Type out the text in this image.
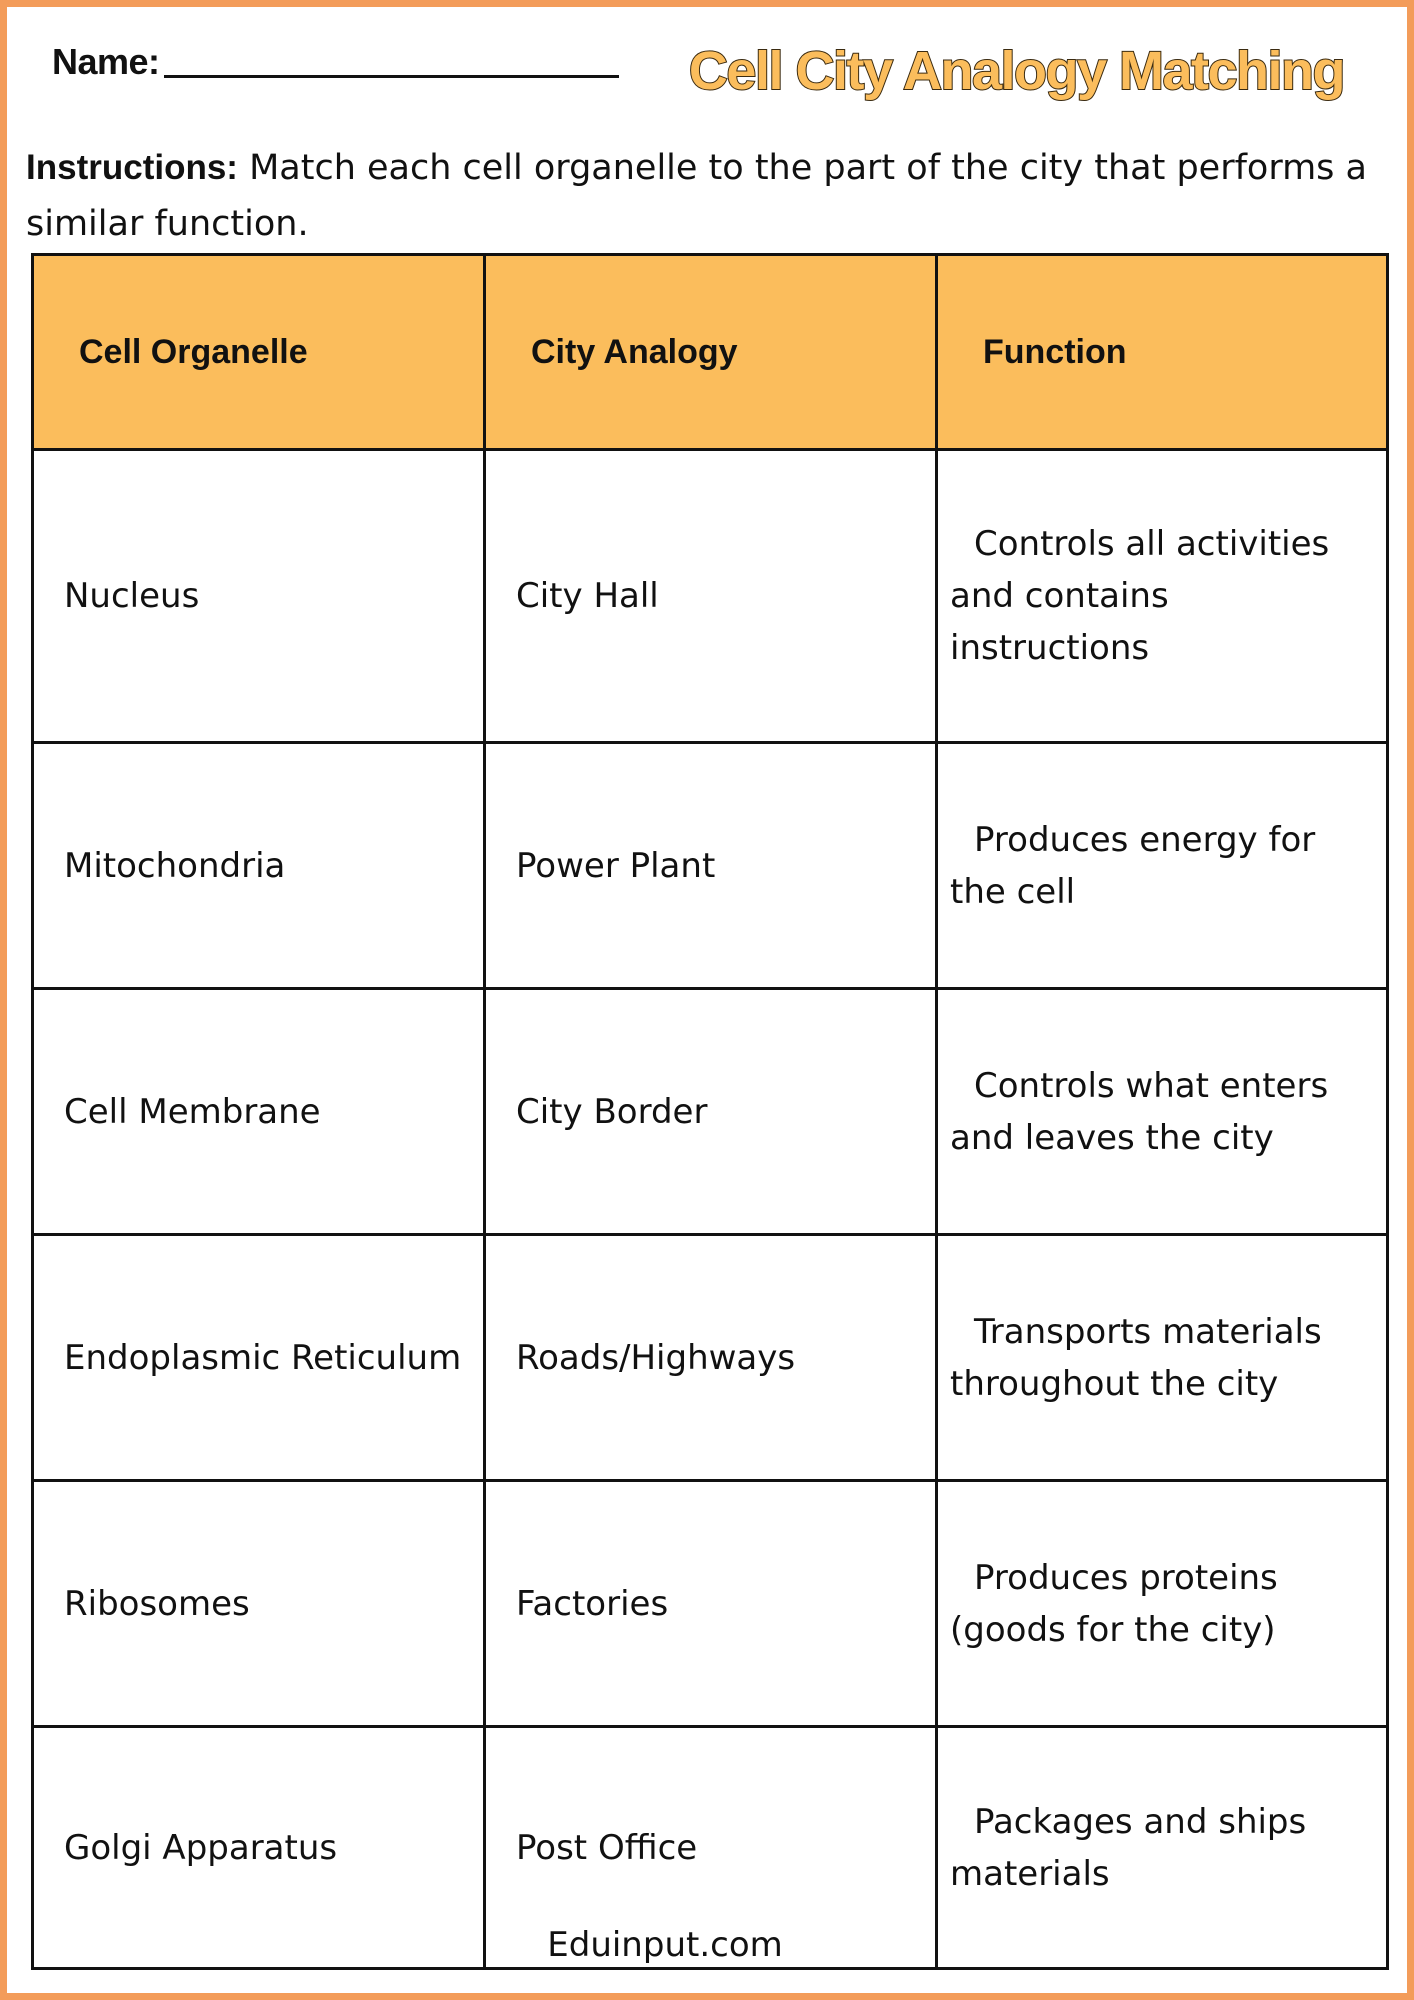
Name:	Cell City Analogy Matching
Instructions: Match each cell organelle to the part of the city that performs a similar function.
Cell Organelle	City Analogy	Function
Nucleus	City Hall	Controls all activities and contains instructions

Mitochondria	Power Plant	Produces energy for the cell

Cell Membrane	City Border	Controls what enters and leaves the city

Endoplasmic Reticulum	Roads/Highways	Transports materials throughout the city

Ribosomes	Factories	Produces proteins (goods for the city)

Golgi Apparatus	Post Office	Packages and ships materials
Eduinput.com
